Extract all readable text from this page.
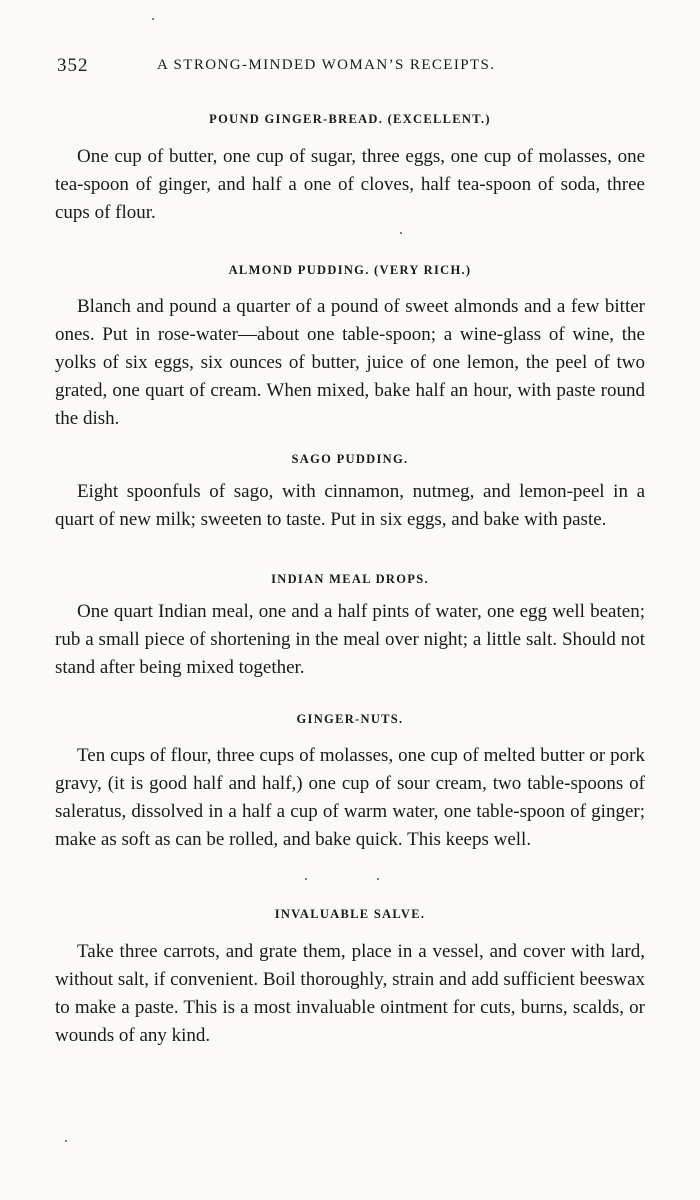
352	A STRONG-MINDED WOMAN’S RECEIPTS.
POUND GINGER-BREAD. (EXCELLENT.)

One cup of butter, one cup of sugar, three eggs, one cup of molasses, one tea-spoon of ginger, and half a one of cloves, half tea-spoon of soda, three cups of flour.

ALMOND PUDDING. (VERY RICH.)

Blanch and pound a quarter of a pound of sweet almonds and a few bitter ones. Put in rose-water—about one table-spoon; a wine-glass of wine, the yolks of six eggs, six ounces of butter, juice of one lemon, the peel of two grated, one quart of cream. When mixed, bake half an hour, with paste round the dish.

SAGO PUDDING.

Eight spoonfuls of sago, with cinnamon, nutmeg, and lemon-peel in a quart of new milk; sweeten to taste. Put in six eggs, and bake with paste.

INDIAN MEAL DROPS.

One quart Indian meal, one and a half pints of water, one egg well beaten; rub a small piece of shortening in the meal over night; a little salt. Should not stand after being mixed together.

GINGER-NUTS.

Ten cups of flour, three cups of molasses, one cup of melted butter or pork gravy, (it is good half and half,) one cup of sour cream, two table-spoons of saleratus, dissolved in a half a cup of warm water, one table-spoon of ginger; make as soft as can be rolled, and bake quick. This keeps well.

INVALUABLE SALVE.

Take three carrots, and grate them, place in a vessel, and cover with lard, without salt, if convenient. Boil thoroughly, strain and add sufficient beeswax to make a paste. This is a most invaluable ointment for cuts, burns, scalds, or wounds of any kind.
